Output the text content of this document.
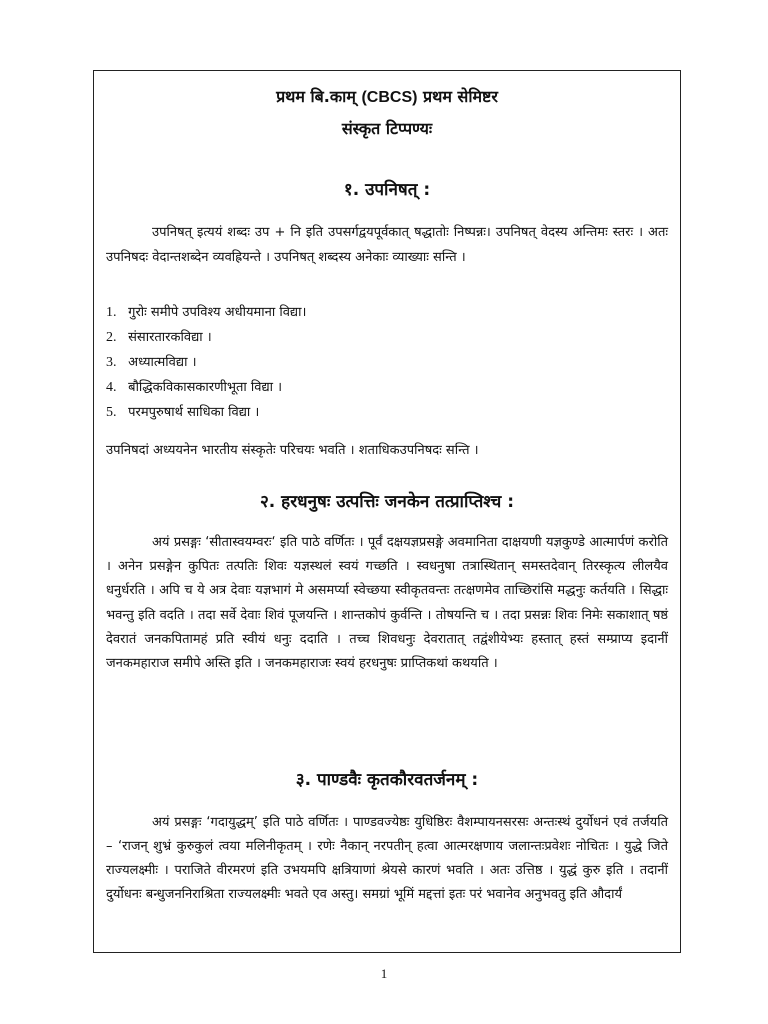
प्रथम बि.काम् (CBCS) प्रथम सेमिष्टर
संस्कृत टिप्पण्यः
१. उपनिषत् :
उपनिषत् इत्ययं शब्दः उप + नि इति उपसर्गद्वयपूर्वकात् षद्धातोः निष्पन्नः। उपनिषत् वेदस्य अन्तिमः स्तरः । अतः उपनिषदः वेदान्तशब्देन व्यवह्रियन्ते । उपनिषत् शब्दस्य अनेकाः व्याख्याः सन्ति ।
1. गुरोः समीपे उपविश्य अधीयमाना विद्या।
2. संसारतारकविद्या ।
3. अध्यात्मविद्या ।
4. बौद्धिकविकासकारणीभूता विद्या ।
5. परमपुरुषार्थ साधिका विद्या ।
उपनिषदां अध्ययनेन भारतीय संस्कृतेः परिचयः भवति । शताधिकउपनिषदः सन्ति ।
२. हरधनुषः उत्पत्तिः जनकेन तत्प्राप्तिश्च :
अयं प्रसङ्गः ‘सीतास्वयम्वरः‘ इति पाठे वर्णितः । पूर्वं दक्षयज्ञप्रसङ्गे अवमानिता दाक्षयणी यज्ञकुण्डे आत्मार्पणं करोति । अनेन प्रसङ्गेन कुपितः तत्पतिः शिवः यज्ञस्थलं स्वयं गच्छति । स्वधनुषा तत्रास्थितान् समस्तदेवान् तिरस्कृत्य लीलयैव धनुर्धरति । अपि च ये अत्र देवाः यज्ञभागं मे असमर्प्या स्वेच्छया स्वीकृतवन्तः तत्क्षणमेव ताच्छिरांसि मद्धनुः कर्तयति । सिद्धाः भवन्तु इति वदति । तदा सर्वे देवाः शिवं पूजयन्ति । शान्तकोपं कुर्वन्ति । तोषयन्ति च । तदा प्रसन्नः शिवः निमेः सकाशात् षष्ठं देवरातं जनकपितामहं प्रति स्वीयं धनुः ददाति । तच्च शिवधनुः देवरातात् तद्वंशीयेभ्यः हस्तात् हस्तं सम्प्राप्य इदानीं जनकमहाराज समीपे अस्ति इति । जनकमहाराजः स्वयं हरधनुषः प्राप्तिकथां कथयति ।
३. पाण्डवैः कृतकौरवतर्जनम् :
अयं प्रसङ्गः ‘गदायुद्धम्’ इति पाठे वर्णितः । पाण्डवज्येष्ठः युधिष्ठिरः वैशम्पायनसरसः अन्तःस्थं दुर्योधनं एवं तर्जयति – ‘राजन् शुभ्रं कुरुकुलं त्वया मलिनीकृतम् । रणेः नैकान् नरपतीन् हत्वा आत्मरक्षणाय जलान्तःप्रवेशः नोचितः । युद्धे जिते राज्यलक्ष्मीः । पराजिते वीरमरणं इति उभयमपि क्षत्रियाणां श्रेयसे कारणं भवति । अतः उत्तिष्ठ । युद्धं कुरु इति । तदानीं दुर्योधनः बन्धुजननिराश्रिता राज्यलक्ष्मीः भवते एव अस्तु। समग्रां भूमिं मद्दत्तां इतः परं भवानेव अनुभवतु इति औदार्यं
1
